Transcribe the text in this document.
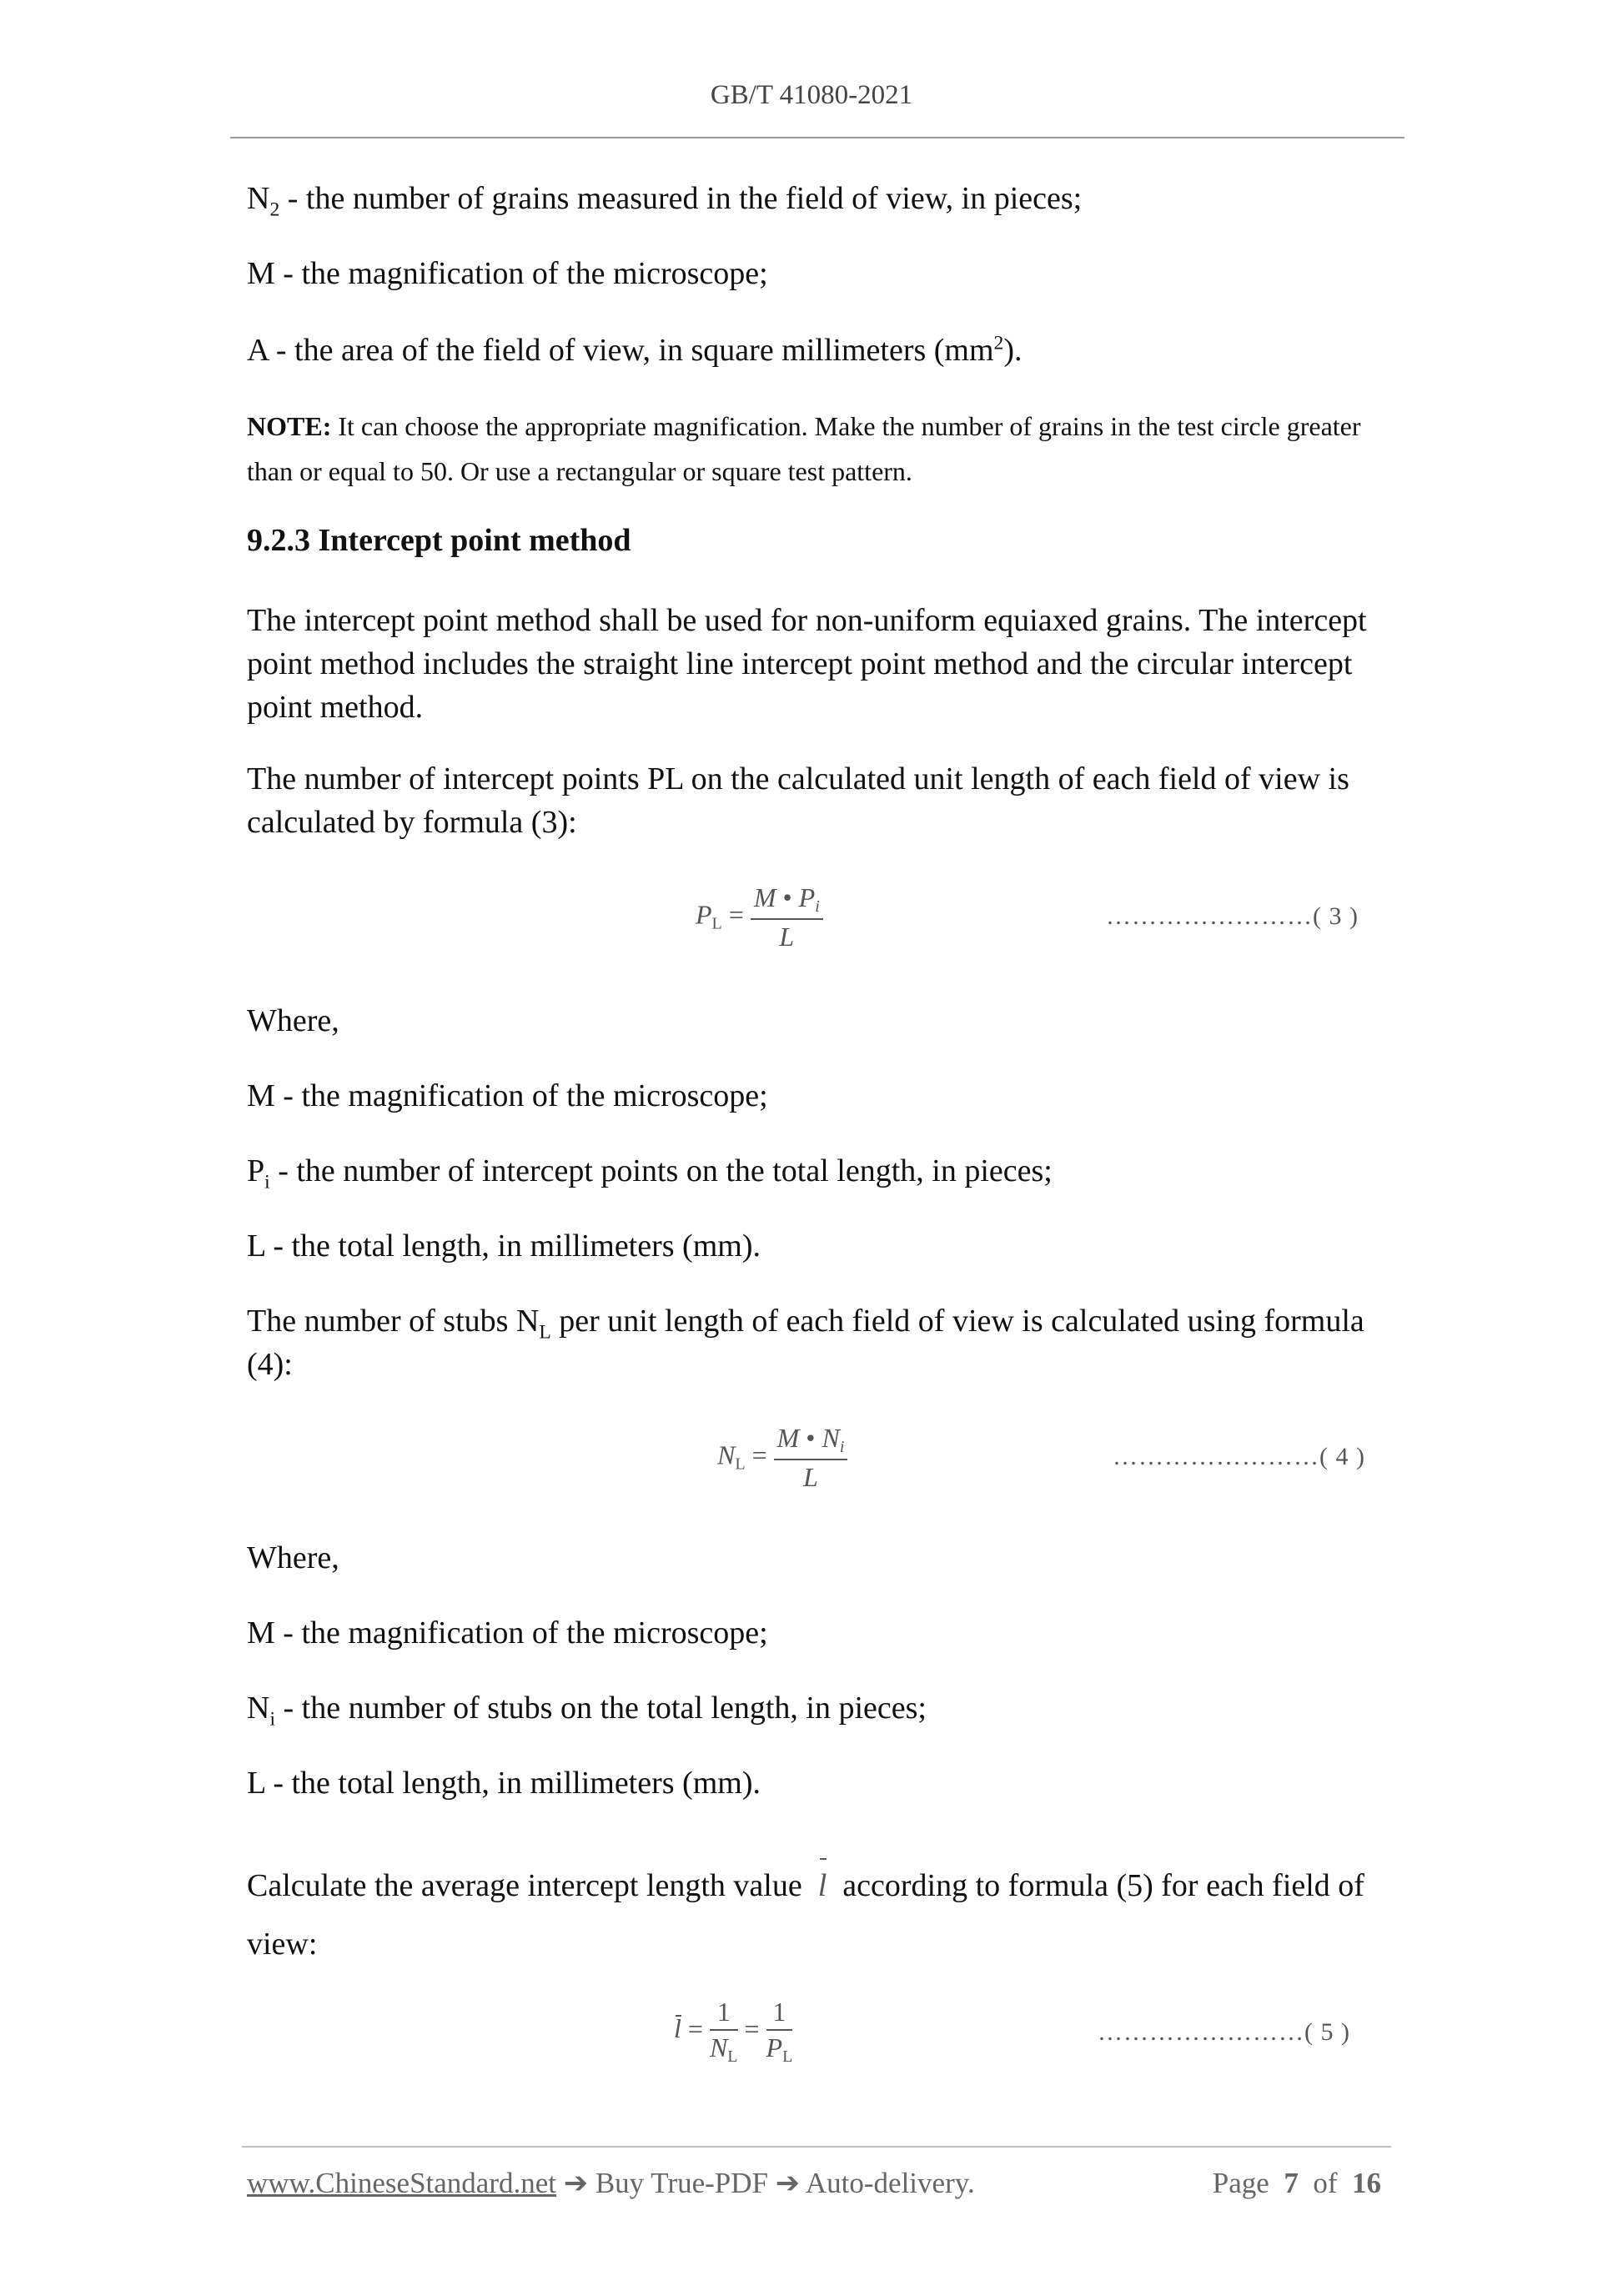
GB/T 41080-2021

$N_2$ - the number of grains measured in the field of view, in pieces;

M - the magnification of the microscope;

A - the area of the field of view, in square millimeters $(mm^2)$.

NOTE: It can choose the appropriate magnification. Make the number of grains in the test circle greater than or equal to 50. Or use a rectangular or square test pattern.

9.2.3 Intercept point method

The intercept point method shall be used for non-uniform equiaxed grains. The intercept point method includes the straight line intercept point method and the circular intercept point method.

The number of intercept points PL on the calculated unit length of each field of view is calculated by formula (3):

PL = $\frac{M • Pi}{L}$	……………………( 3 )

Where,

M - the magnification of the microscope;

$P_i$ - the number of intercept points on the total length, in pieces;

L - the total length, in millimeters (mm).

The number of stubs $N_L$ per unit length of each field of view is calculated using formula (4):

NL = $\frac{M • Ni}{L}$	……………………( 4 )

Where,

M - the magnification of the microscope;

$N_i$ - the number of stubs on the total length, in pieces;

L - the total length, in millimeters (mm).

Calculate the average intercept length value l according to formula (5) for each field of view:

$l = \frac{1}{NL} = \frac{1}{PL}$	……………………( 5 )
www.ChineseStandard.net ➔ Buy True-PDF ➔ Auto-delivery.	Page 7 of 16
